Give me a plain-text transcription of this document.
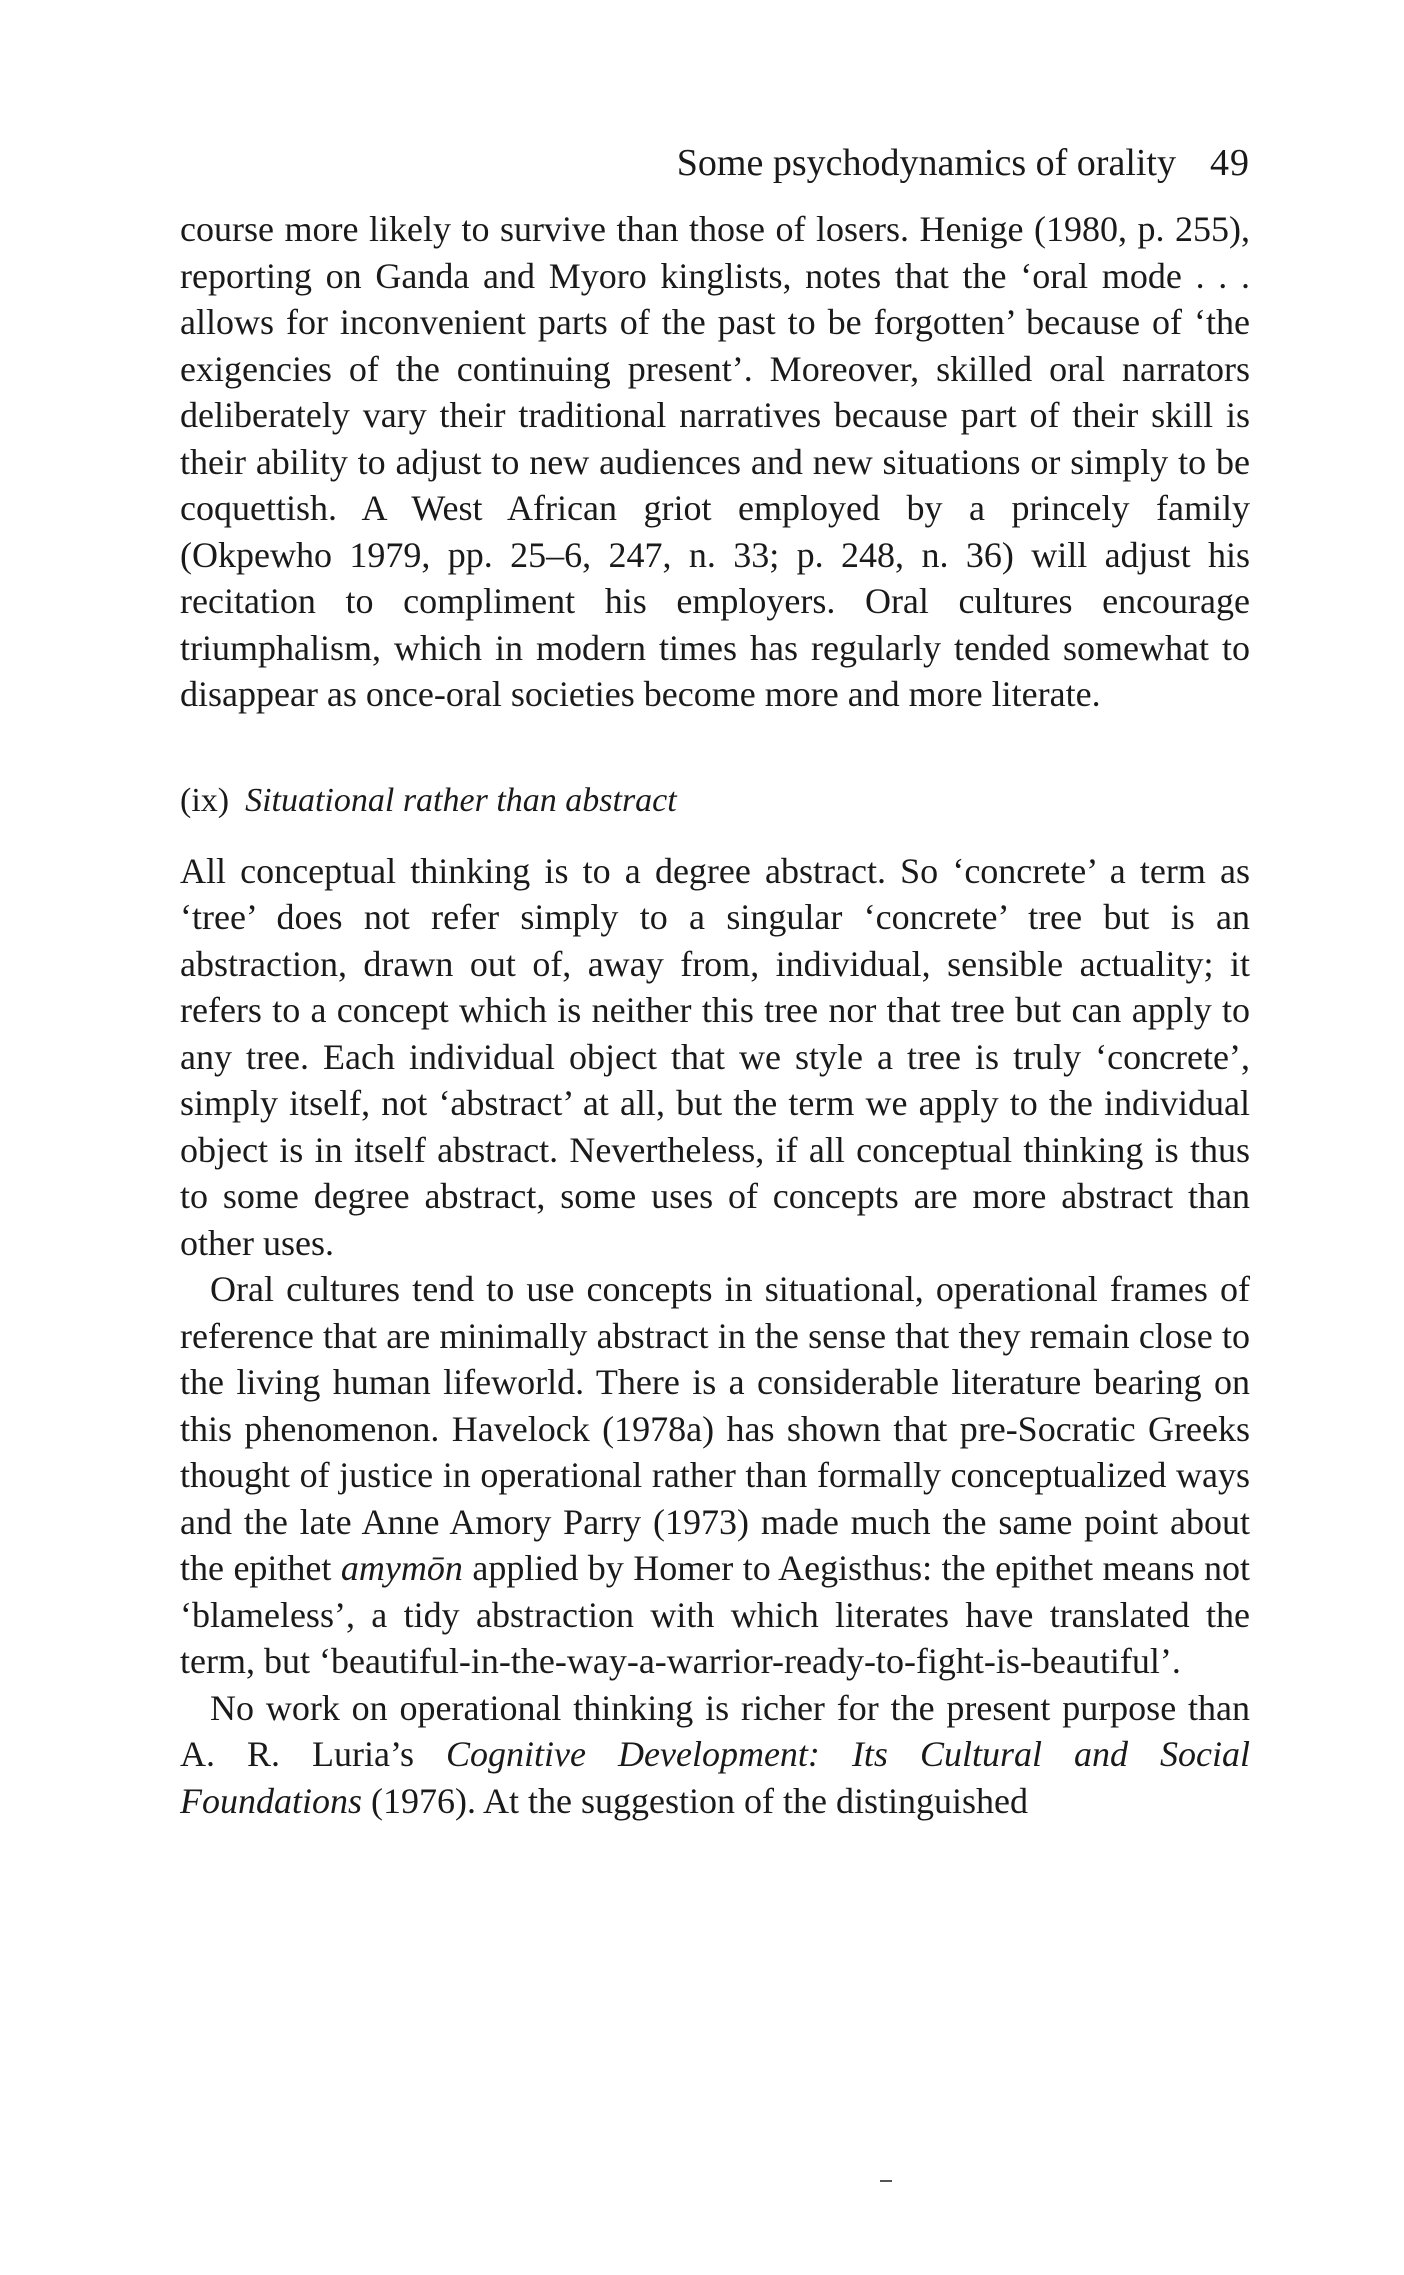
Some psychodynamics of orality 49

course more likely to survive than those of losers. Henige (1980, p. 255), reporting on Ganda and Myoro kinglists, notes that the ‘oral mode . . . allows for inconvenient parts of the past to be forgotten’ because of ‘the exigencies of the continuing present’. Moreover, skilled oral narrators deliberately vary their traditional narratives because part of their skill is their ability to adjust to new audiences and new situations or simply to be coquettish. A West African griot employed by a princely family (Okpewho 1979, pp. 25–6, 247, n. 33; p. 248, n. 36) will adjust his recitation to compliment his employers. Oral cultures encourage triumphalism, which in modern times has regularly tended somewhat to disappear as once-oral societies become more and more literate.

(ix) Situational rather than abstract

All conceptual thinking is to a degree abstract. So ‘concrete’ a term as ‘tree’ does not refer simply to a singular ‘concrete’ tree but is an abstraction, drawn out of, away from, individual, sensible actuality; it refers to a concept which is neither this tree nor that tree but can apply to any tree. Each individual object that we style a tree is truly ‘concrete’, simply itself, not ‘abstract’ at all, but the term we apply to the individual object is in itself abstract. Nevertheless, if all conceptual thinking is thus to some degree abstract, some uses of concepts are more abstract than other uses.

Oral cultures tend to use concepts in situational, operational frames of reference that are minimally abstract in the sense that they remain close to the living human lifeworld. There is a considerable literature bearing on this phenomenon. Havelock (1978a) has shown that pre-Socratic Greeks thought of justice in operational rather than formally conceptualized ways and the late Anne Amory Parry (1973) made much the same point about the epithet amymōn applied by Homer to Aegisthus: the epithet means not ‘blameless’, a tidy abstraction with which literates have translated the term, but ‘beautiful-in-the-way-a-warrior-ready-to-fight-is-beautiful’.

No work on operational thinking is richer for the present purpose than A. R. Luria’s Cognitive Development: Its Cultural and Social Foundations (1976). At the suggestion of the distinguished
